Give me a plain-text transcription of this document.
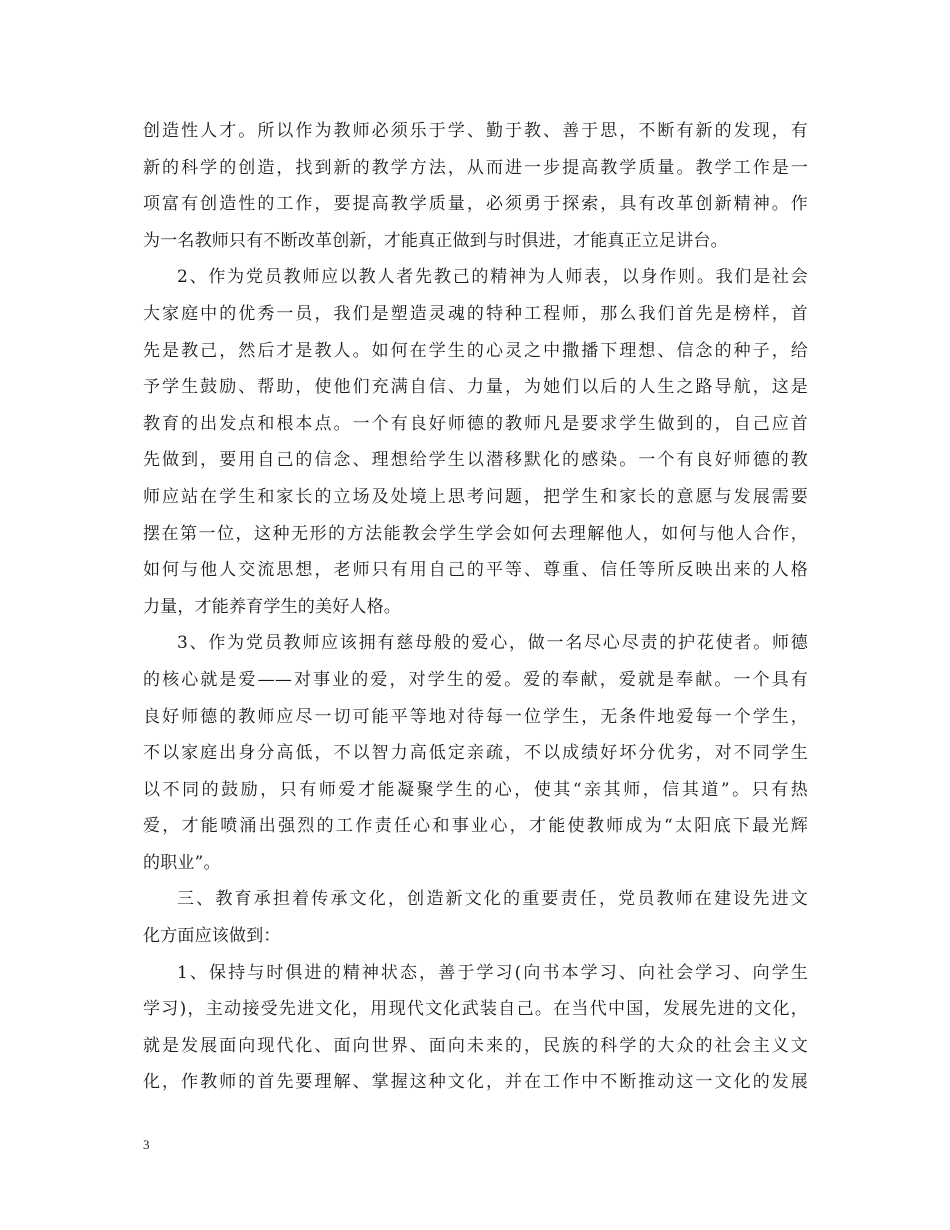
创造性人才。所以作为教师必须乐于学、勤于教、善于思，不断有新的发现，有
新的科学的创造，找到新的教学方法，从而进一步提高教学质量。教学工作是一
项富有创造性的工作，要提高教学质量，必须勇于探索，具有改革创新精神。作
为一名教师只有不断改革创新，才能真正做到与时俱进，才能真正立足讲台。
2、作为党员教师应以教人者先教己的精神为人师表，以身作则。我们是社会
大家庭中的优秀一员，我们是塑造灵魂的特种工程师，那么我们首先是榜样，首
先是教己，然后才是教人。如何在学生的心灵之中撒播下理想、信念的种子，给
予学生鼓励、帮助，使他们充满自信、力量，为她们以后的人生之路导航，这是
教育的出发点和根本点。一个有良好师德的教师凡是要求学生做到的，自己应首
先做到，要用自己的信念、理想给学生以潜移默化的感染。一个有良好师德的教
师应站在学生和家长的立场及处境上思考问题，把学生和家长的意愿与发展需要
摆在第一位，这种无形的方法能教会学生学会如何去理解他人，如何与他人合作，
如何与他人交流思想，老师只有用自己的平等、尊重、信任等所反映出来的人格
力量，才能养育学生的美好人格。
3、作为党员教师应该拥有慈母般的爱心，做一名尽心尽责的护花使者。师德
的核心就是爱——对事业的爱，对学生的爱。爱的奉献，爱就是奉献。一个具有
良好师德的教师应尽一切可能平等地对待每一位学生，无条件地爱每一个学生，
不以家庭出身分高低，不以智力高低定亲疏，不以成绩好坏分优劣，对不同学生
以不同的鼓励，只有师爱才能凝聚学生的心，使其“亲其师，信其道”。只有热
爱，才能喷涌出强烈的工作责任心和事业心，才能使教师成为“太阳底下最光辉
的职业”。
三、教育承担着传承文化，创造新文化的重要责任，党员教师在建设先进文
化方面应该做到：
1、保持与时俱进的精神状态，善于学习(向书本学习、向社会学习、向学生
学习)，主动接受先进文化，用现代文化武装自己。在当代中国，发展先进的文化，
就是发展面向现代化、面向世界、面向未来的，民族的科学的大众的社会主义文
化，作教师的首先要理解、掌握这种文化，并在工作中不断推动这一文化的发展
3
